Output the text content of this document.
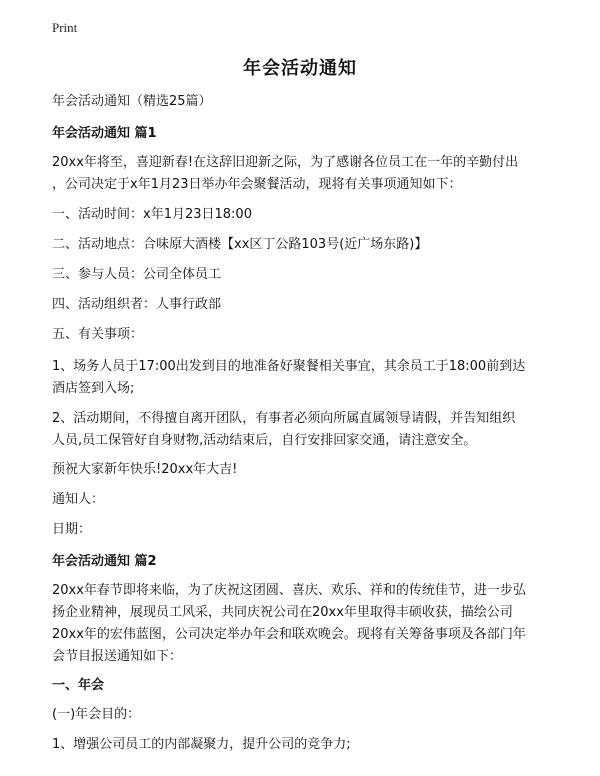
Print
年会活动通知
年会活动通知（精选25篇）
年会活动通知 篇1
20xx年将至，喜迎新春!在这辞旧迎新之际，为了感谢各位员工在一年的辛勤付出
，公司决定于x年1月23日举办年会聚餐活动，现将有关事项通知如下：
一、活动时间：x年1月23日18:00
二、活动地点：合味原大酒楼【xx区丁公路103号(近广场东路)】
三、参与人员：公司全体员工
四、活动组织者：人事行政部
五、有关事项：
1、场务人员于17:00出发到目的地准备好聚餐相关事宜，其余员工于18:00前到达
酒店签到入场;
2、活动期间，不得擅自离开团队，有事者必须向所属直属领导请假，并告知组织
人员,员工保管好自身财物,活动结束后，自行安排回家交通，请注意安全。
预祝大家新年快乐!20xx年大吉!
通知人：
日期：
年会活动通知 篇2
20xx年春节即将来临，为了庆祝这团圆、喜庆、欢乐、祥和的传统佳节，进一步弘
扬企业精神，展现员工风采，共同庆祝公司在20xx年里取得丰硕收获，描绘公司
20xx年的宏伟蓝图，公司决定举办年会和联欢晚会。现将有关筹备事项及各部门年
会节目报送通知如下：
一、年会
(一)年会目的：
1、增强公司员工的内部凝聚力，提升公司的竞争力;
